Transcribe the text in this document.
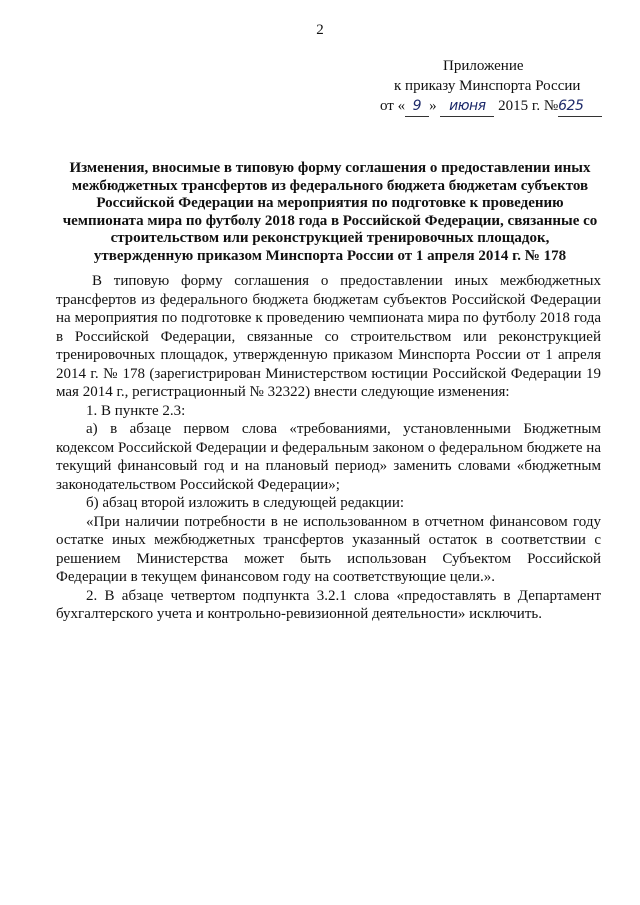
2
Приложение
к приказу Минспорта России
от « 9 » июня 2015 г. №625
Изменения, вносимые в типовую форму соглашения о предоставлении иных межбюджетных трансфертов из федерального бюджета бюджетам субъектов Российской Федерации на мероприятия по подготовке к проведению чемпионата мира по футболу 2018 года в Российской Федерации, связанные со строительством или реконструкцией тренировочных площадок, утвержденную приказом Минспорта России от 1 апреля 2014 г. № 178

В типовую форму соглашения о предоставлении иных межбюджетных трансфертов из федерального бюджета бюджетам субъектов Российской Федерации на мероприятия по подготовке к проведению чемпионата мира по футболу 2018 года в Российской Федерации, связанные со строительством или реконструкцией тренировочных площадок, утвержденную приказом Минспорта России от 1 апреля 2014 г. № 178 (зарегистрирован Министерством юстиции Российской Федерации 19 мая 2014 г., регистрационный № 32322) внести следующие изменения:

1. В пункте 2.3:

а) в абзаце первом слова «требованиями, установленными Бюджетным кодексом Российской Федерации и федеральным законом о федеральном бюджете на текущий финансовый год и на плановый период» заменить словами «бюджетным законодательством Российской Федерации»;

б) абзац второй изложить в следующей редакции:

«При наличии потребности в не использованном в отчетном финансовом году остатке иных межбюджетных трансфертов указанный остаток в соответствии с решением Министерства может быть использован Субъектом Российской Федерации в текущем финансовом году на соответствующие цели.».

2. В абзаце четвертом подпункта 3.2.1 слова «предоставлять в Департамент бухгалтерского учета и контрольно-ревизионной деятельности» исключить.
